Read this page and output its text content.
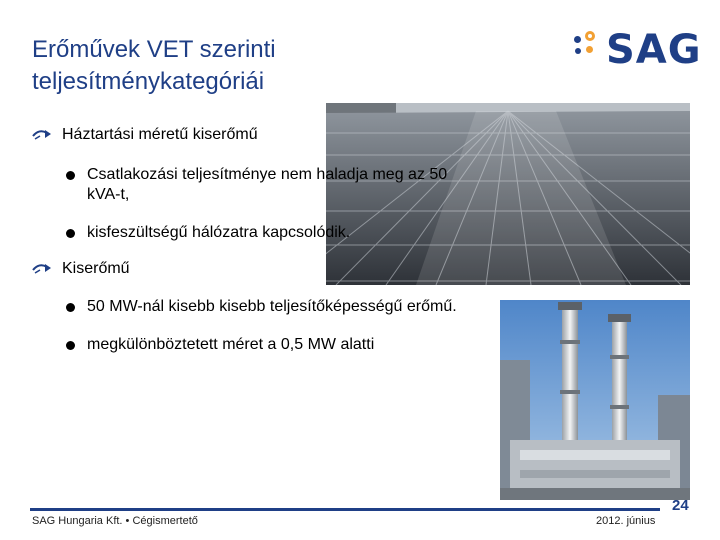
Erőművek VET szerinti
teljesítménykategóriái
SAG
Háztartási méretű kiserőmű
Csatlakozási teljesítménye nem haladja meg az 50 kVA-t,
kisfeszültségű hálózatra kapcsolódik.
Kiserőmű
50 MW-nál kisebb kisebb teljesítőképességű erőmű.
megkülönböztetett méret a 0,5 MW alatti
SAG Hungaria Kft. • Cégismertető	2012. június
24
